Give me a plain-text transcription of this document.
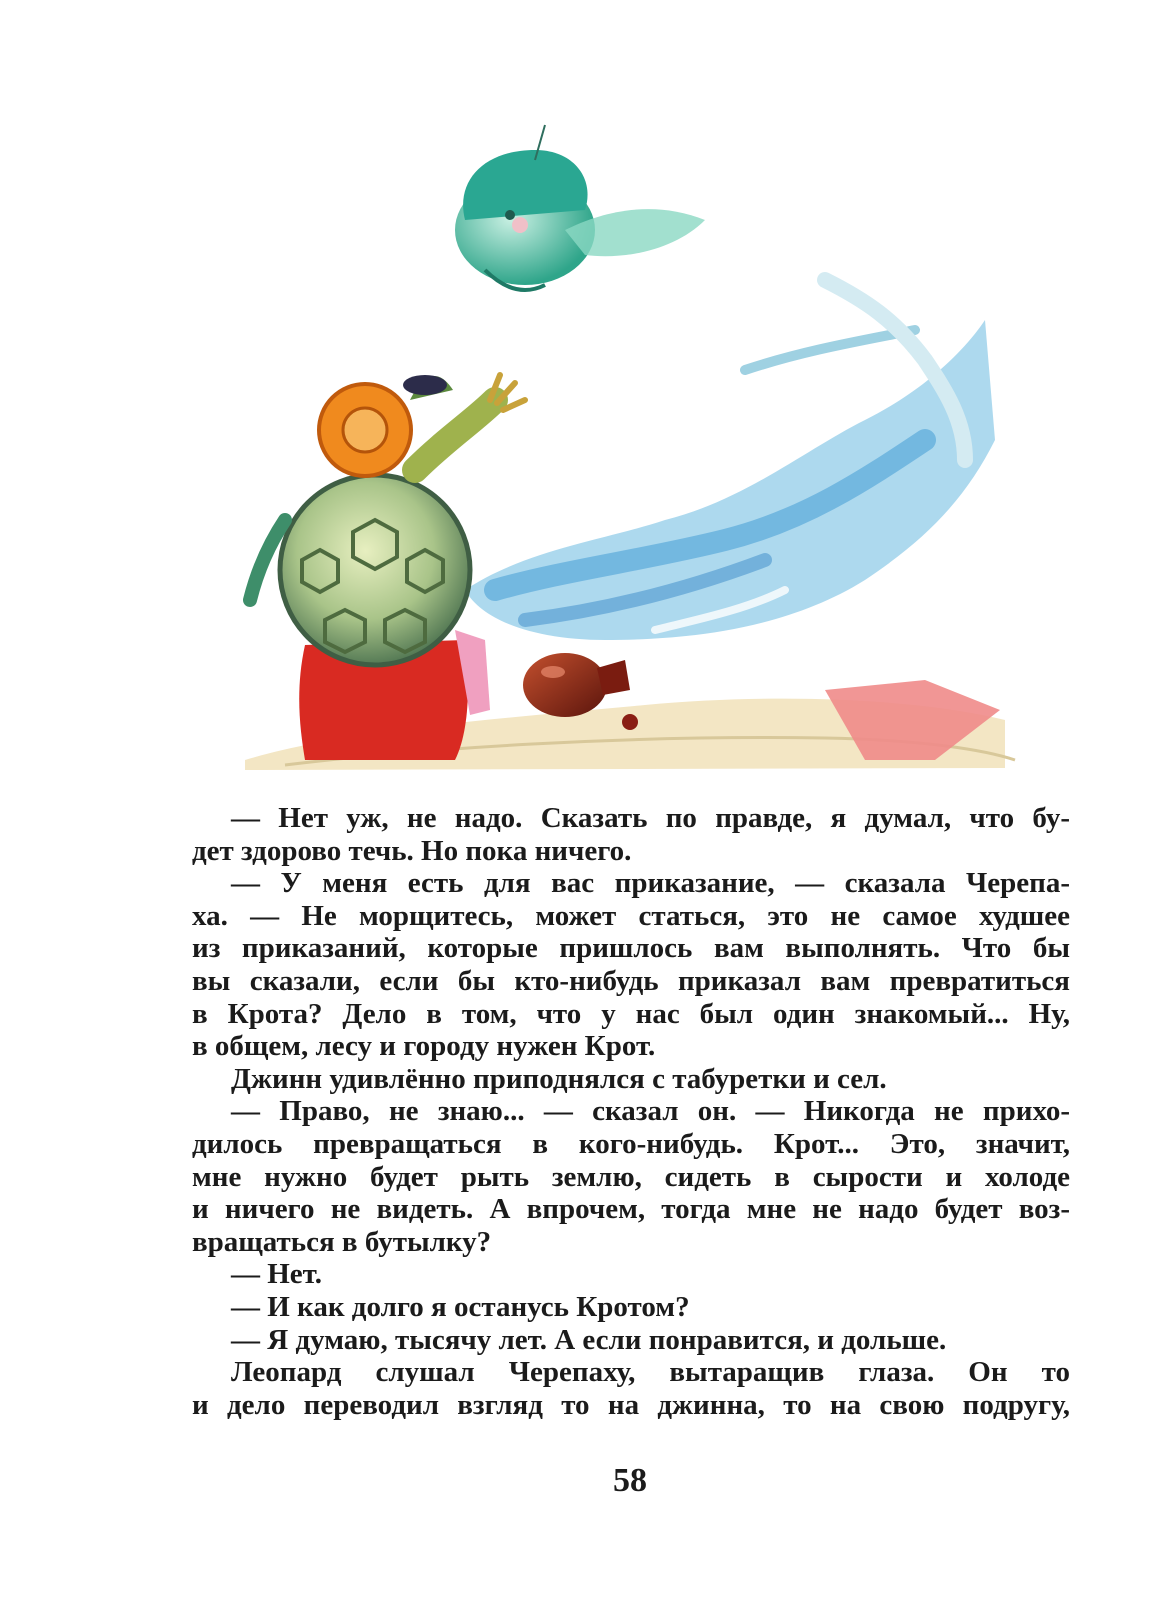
— Нет уж, не надо. Сказать по правде, я думал, что бу-
дет здорово течь. Но пока ничего.
— У меня есть для вас приказание, — сказала Черепа-
ха. — Не морщитесь, может статься, это не самое худшее
из приказаний, которые пришлось вам выполнять. Что бы
вы сказали, если бы кто-нибудь приказал вам превратиться
в Крота? Дело в том, что у нас был один знакомый... Ну,
в общем, лесу и городу нужен Крот.
Джинн удивлённо приподнялся с табуретки и сел.
— Право, не знаю... — сказал он. — Никогда не прихо-
дилось превращаться в кого-нибудь. Крот... Это, значит,
мне нужно будет рыть землю, сидеть в сырости и холоде
и ничего не видеть. А впрочем, тогда мне не надо будет воз-
вращаться в бутылку?
— Нет.
— И как долго я останусь Кротом?
— Я думаю, тысячу лет. А если понравится, и дольше.
Леопард слушал Черепаху, вытаращив глаза. Он то
и дело переводил взгляд то на джинна, то на свою подругу,
58
